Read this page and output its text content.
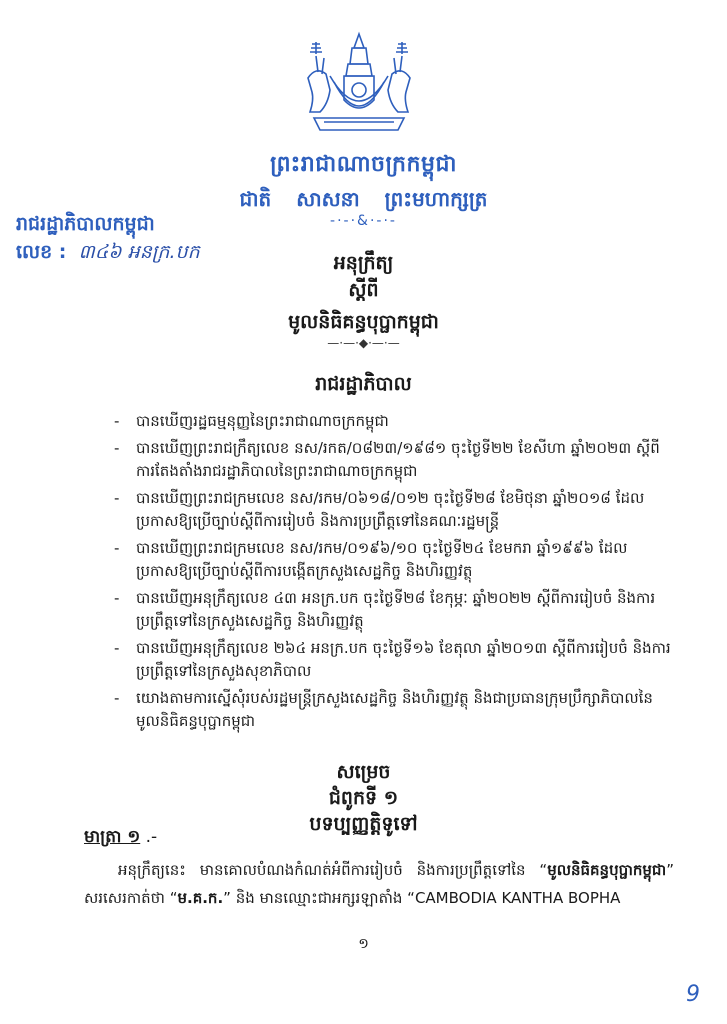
ព្រះរាជាណាចក្រកម្ពុជា
ជាតិ សាសនា ព្រះមហាក្សត្រ
-·-·&·-·-
រាជរដ្ឋាភិបាលកម្ពុជា
លេខ : ៣៤៦ អនក្រ.បក	អនុក្រឹត្យ
ស្តីពី
មូលនិធិគន្ធបុប្ផាកម្ពុជា
—·—·◆·—·—
រាជរដ្ឋាភិបាល
- បានឃើញរដ្ឋធម្មនុញ្ញនៃព្រះរាជាណាចក្រកម្ពុជា
- បានឃើញព្រះរាជក្រឹត្យលេខ នស/រកត/០៨២៣/១៩៨១ ចុះថ្ងៃទី២២ ខែសីហា ឆ្នាំ២០២៣ ស្តីពីការតែងតាំងរាជរដ្ឋាភិបាលនៃព្រះរាជាណាចក្រកម្ពុជា
- បានឃើញព្រះរាជក្រមលេខ នស/រកម/០៦១៨/០១២ ចុះថ្ងៃទី២៨ ខែមិថុនា ឆ្នាំ២០១៨ ដែលប្រកាសឱ្យប្រើច្បាប់ស្តីពីការរៀបចំ និងការប្រព្រឹត្តទៅនៃគណៈរដ្ឋមន្ត្រី
- បានឃើញព្រះរាជក្រមលេខ នស/រកម/០១៩៦/១០ ចុះថ្ងៃទី២៤ ខែមករា ឆ្នាំ១៩៩៦ ដែលប្រកាសឱ្យប្រើច្បាប់ស្តីពីការបង្កើតក្រសួងសេដ្ឋកិច្ច និងហិរញ្ញវត្ថុ
- បានឃើញអនុក្រឹត្យលេខ ៤៣ អនក្រ.បក ចុះថ្ងៃទី២៨ ខែកុម្ភៈ ឆ្នាំ២០២២ ស្តីពីការរៀបចំ និងការប្រព្រឹត្តទៅនៃក្រសួងសេដ្ឋកិច្ច និងហិរញ្ញវត្ថុ
- បានឃើញអនុក្រឹត្យលេខ ២៦៤ អនក្រ.បក ចុះថ្ងៃទី១៦ ខែតុលា ឆ្នាំ២០១៣ ស្តីពីការរៀបចំ និងការប្រព្រឹត្តទៅនៃក្រសួងសុខាភិបាល
- យោងតាមការស្នើសុំរបស់រដ្ឋមន្ត្រីក្រសួងសេដ្ឋកិច្ច និងហិរញ្ញវត្ថុ និងជាប្រធានក្រុមប្រឹក្សាភិបាលនៃមូលនិធិគន្ធបុប្ផាកម្ពុជា
សម្រេច
ជំពូកទី ១
បទប្បញ្ញត្តិទូទៅ
មាត្រា ១ .-
អនុក្រឹត្យនេះ មានគោលបំណងកំណត់អំពីការរៀបចំ និងការប្រព្រឹត្តទៅនៃ “មូលនិធិគន្ធបុប្ផាកម្ពុជា” សរសេរកាត់ថា “ម.គ.ក.” និង មានឈ្មោះជាអក្សរឡាតាំង “CAMBODIA KANTHA BOPHA
១
9
